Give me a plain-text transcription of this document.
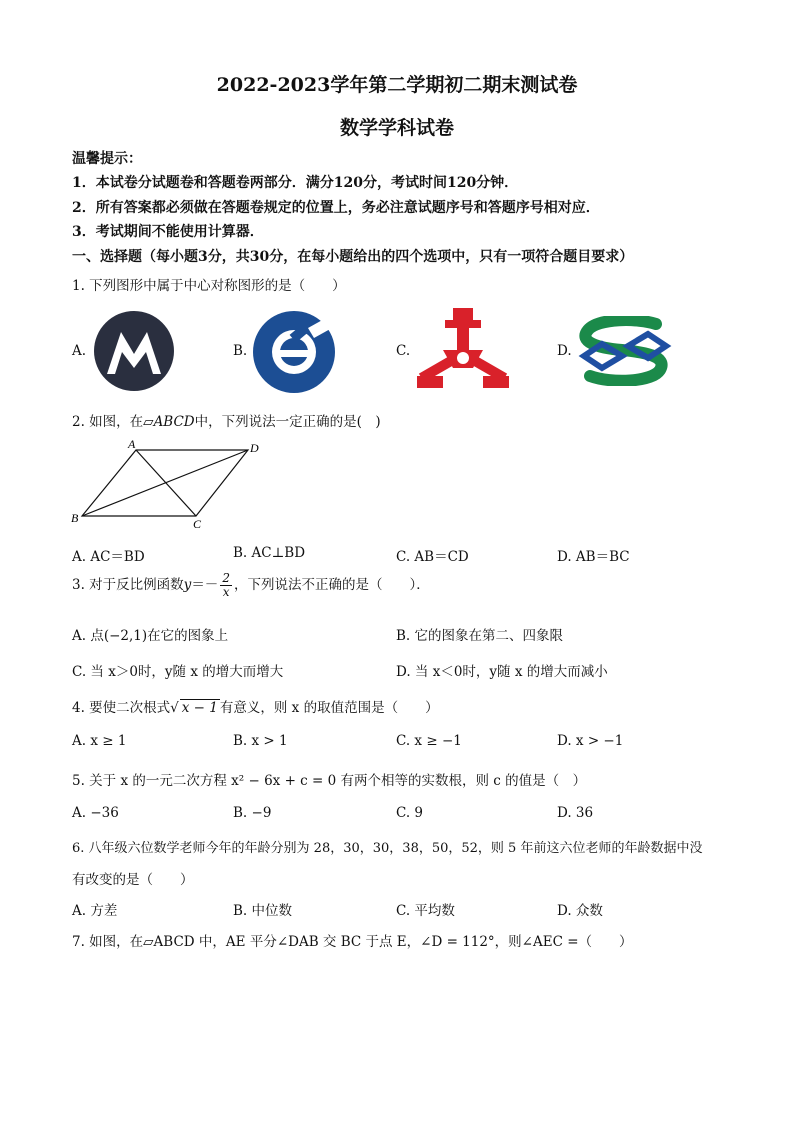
2022-2023学年第二学期初二期末测试卷
数学学科试卷
温馨提示：
1．本试卷分试题卷和答题卷两部分．满分120分，考试时间120分钟．
2．所有答案都必须做在答题卷规定的位置上，务必注意试题序号和答题序号相对应．
3．考试期间不能使用计算器．
一、选择题（每小题3分，共30分，在每小题给出的四个选项中，只有一项符合题目要求）
1. 下列图形中属于中心对称图形的是（　　）
A.	B.	C.	D.
2. 如图，在▱ABCD中，下列说法一定正确的是(　)
A	D
B	C
A. AC＝BD	B. AC⊥BD	C. AB＝CD	D. AB＝BC
3. 对于反比例函数$y=- \frac{2}{x}$ ，下列说法不正确的是（　　）．
A. 点(−2,1)在它的图象上	B. 它的图象在第二、四象限
C. 当 x＞0时，y随 x 的增大而增大	D. 当 x＜0时，y随 x 的增大而减小
4. 要使二次根式√ x − 1 有意义，则 x 的取值范围是（　　）
A. x ≥ 1	B. x > 1	C. x ≥ −1	D. x > −1
5. 关于 x 的一元二次方程 x² − 6x + c = 0 有两个相等的实数根，则 c 的值是（　）
A. −36	B. −9	C. 9	D. 36
6. 八年级六位数学老师今年的年龄分别为 28，30，30，38，50，52，则 5 年前这六位老师的年龄数据中没
有改变的是（　　）
A. 方差	B. 中位数	C. 平均数	D. 众数
7. 如图，在▱ABCD 中，AE 平分∠DAB 交 BC 于点 E，∠D = 112°，则∠AEC =（　　）
